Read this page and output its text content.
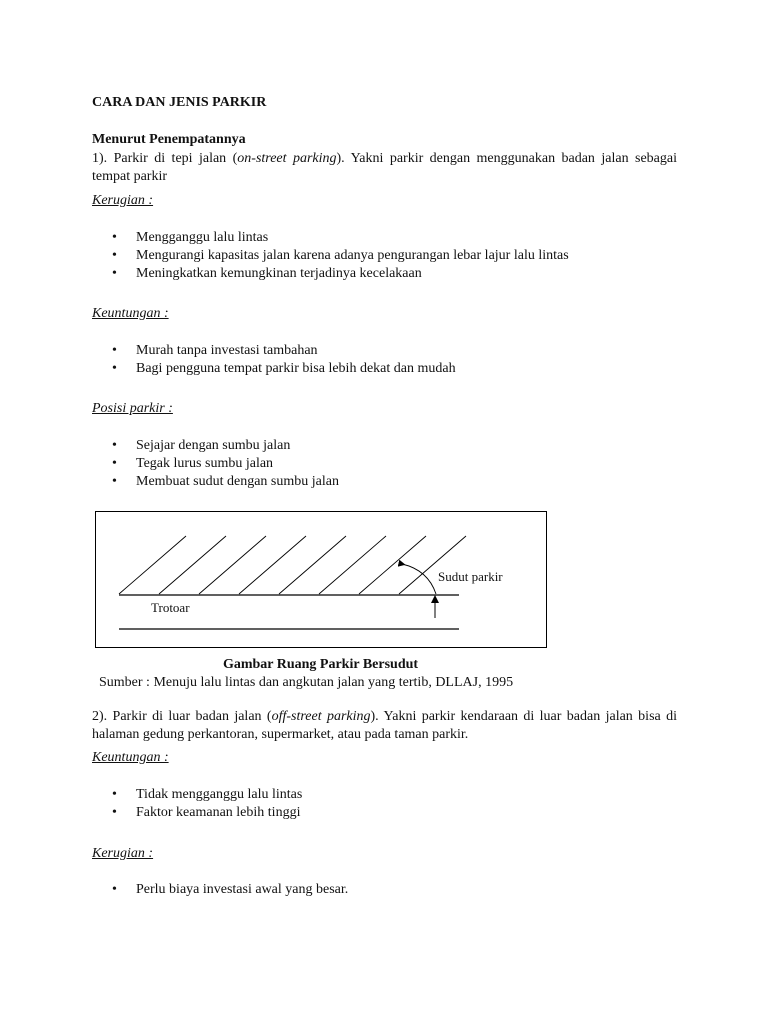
CARA DAN JENIS PARKIR
Menurut Penempatannya
1). Parkir di tepi jalan (on-street parking). Yakni parkir dengan menggunakan badan jalan sebagai tempat parkir
Kerugian :
• Mengganggu lalu lintas
• Mengurangi kapasitas jalan karena adanya pengurangan lebar lajur lalu lintas
• Meningkatkan kemungkinan terjadinya kecelakaan
Keuntungan :
• Murah tanpa investasi tambahan
• Bagi pengguna tempat parkir bisa lebih dekat dan mudah
Posisi parkir :
• Sejajar dengan sumbu jalan
• Tegak lurus sumbu jalan
• Membuat sudut dengan sumbu jalan
Sudut parkir
Trotoar
Gambar Ruang Parkir Bersudut
Sumber : Menuju lalu lintas dan angkutan jalan yang tertib, DLLAJ, 1995
2). Parkir di luar badan jalan (off-street parking). Yakni parkir kendaraan di luar badan jalan bisa di halaman gedung perkantoran, supermarket, atau pada taman parkir.
Keuntungan :
• Tidak mengganggu lalu lintas
• Faktor keamanan lebih tinggi
Kerugian :
• Perlu biaya investasi awal yang besar.
